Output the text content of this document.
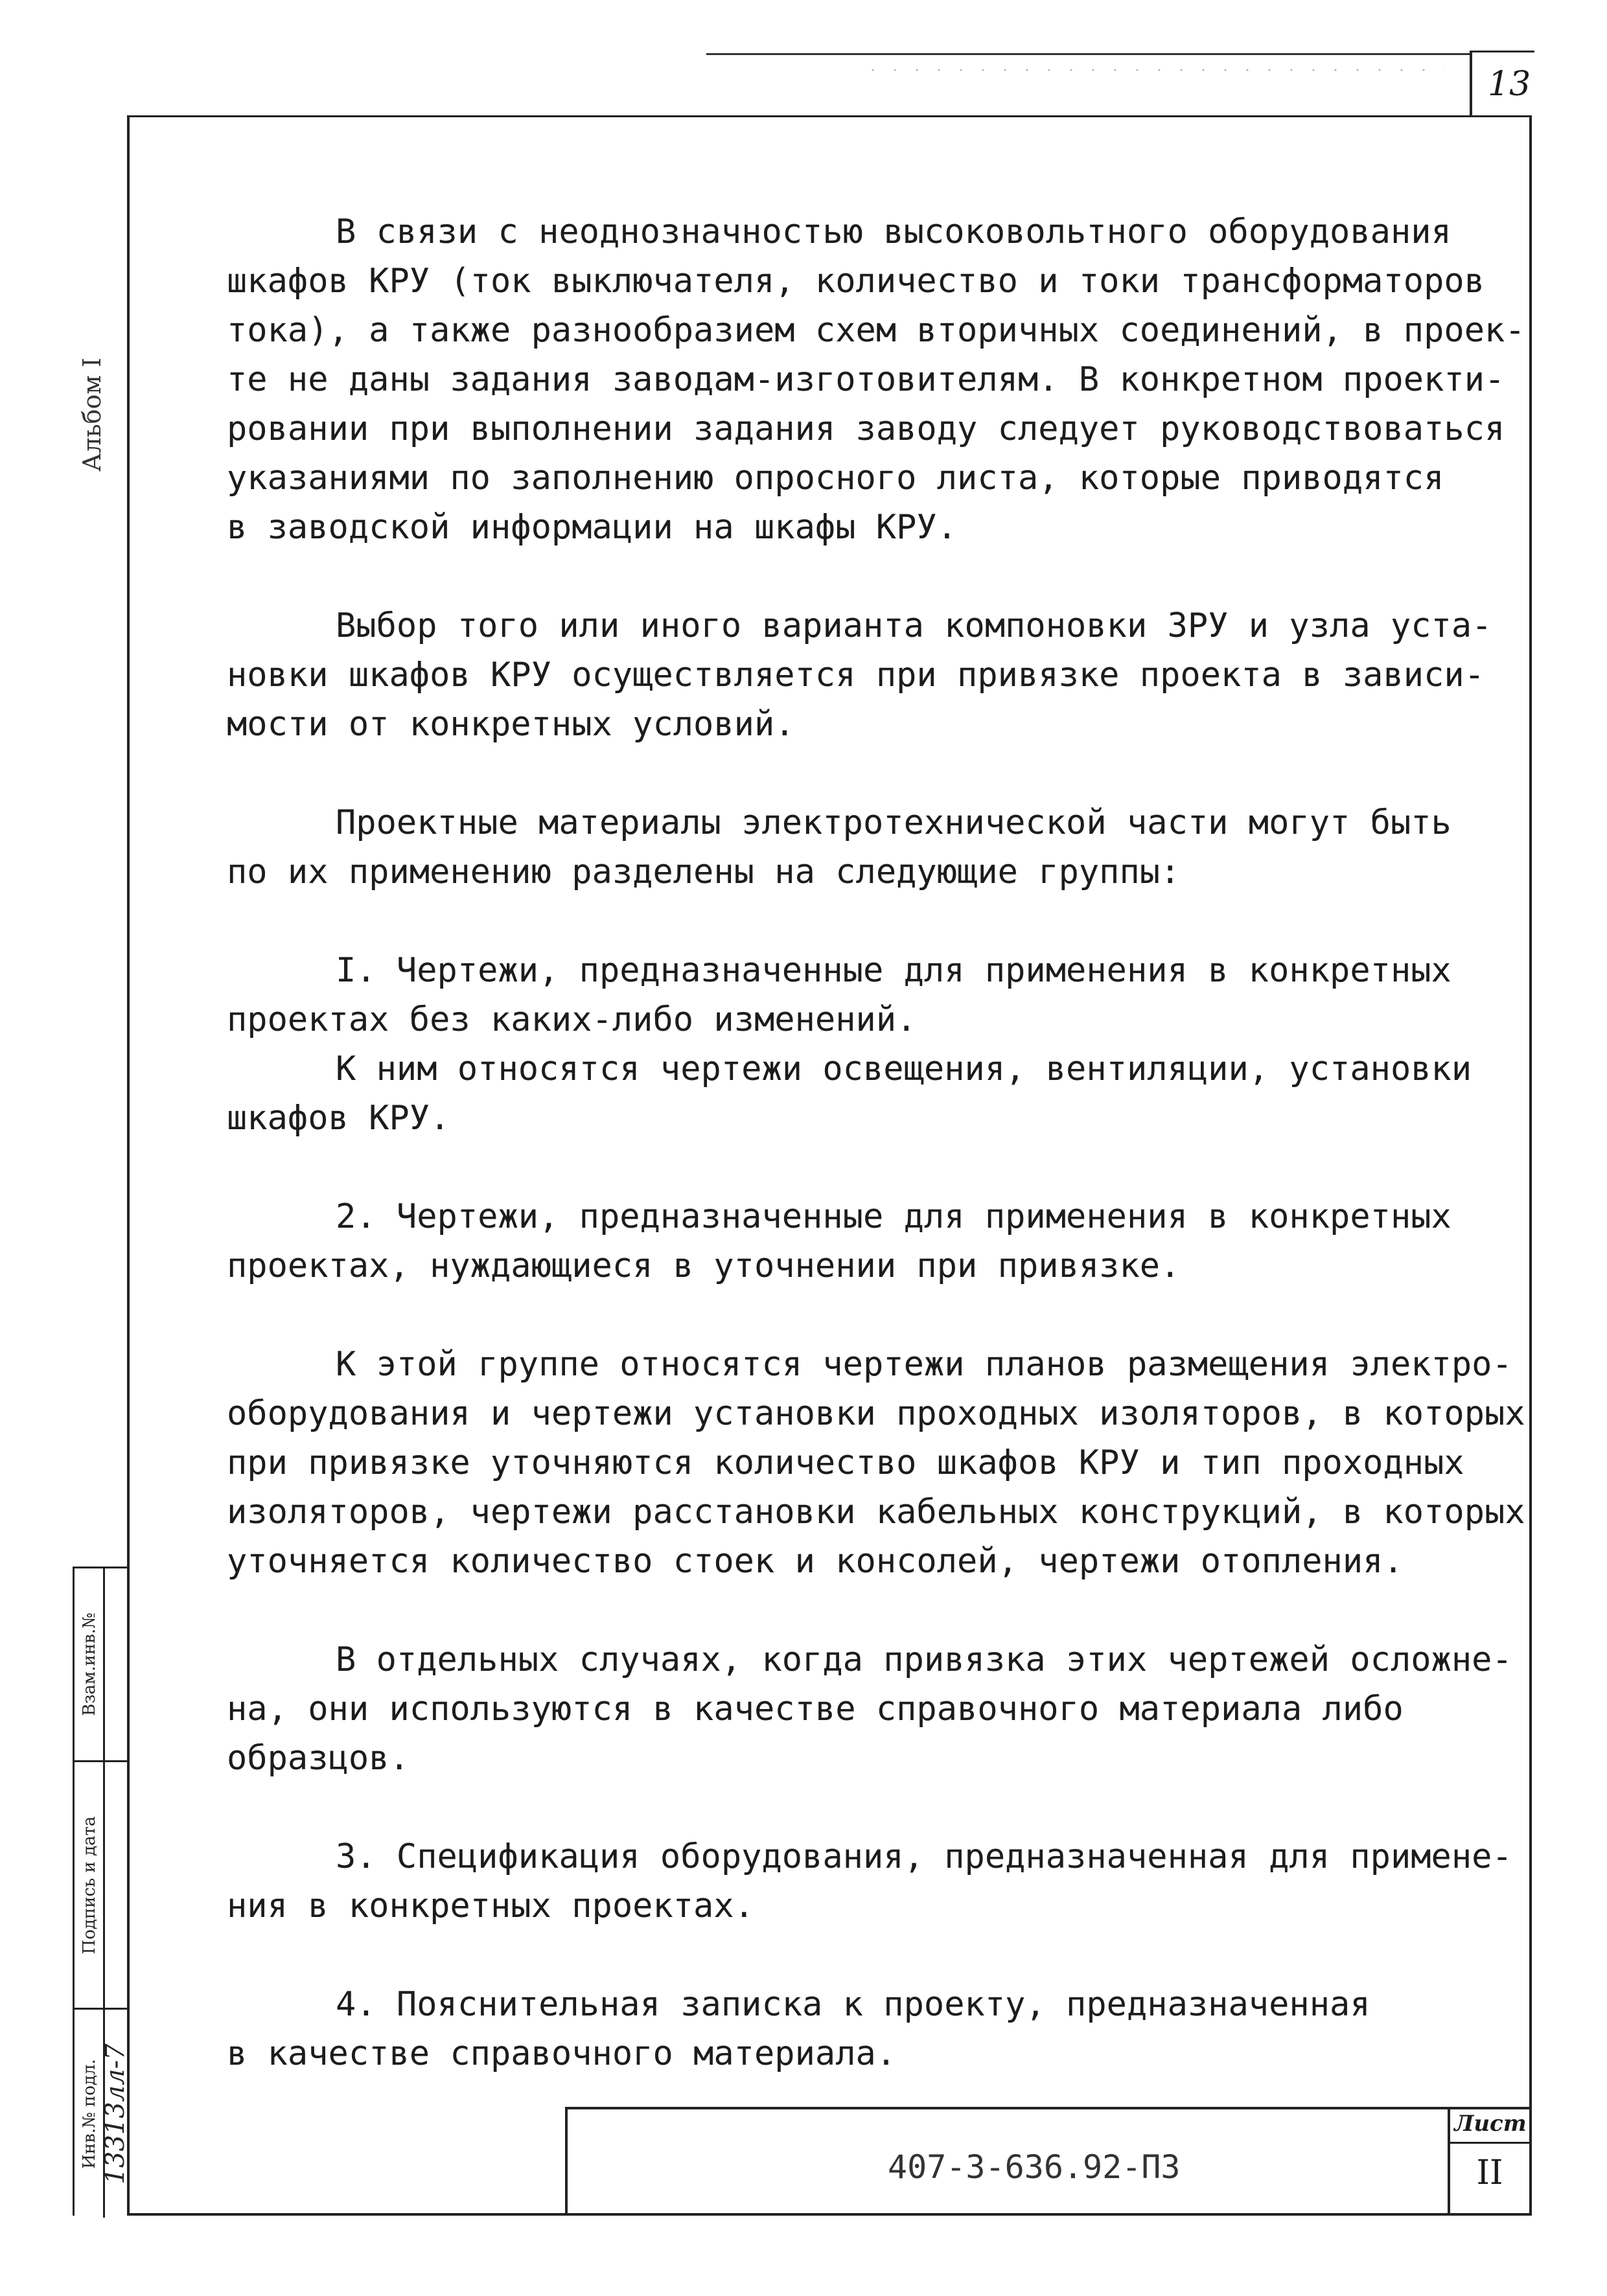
13
Альбом I
Взам.инв.№
Подпись и дата
Инв.№ подл. 13313лл-7

В связи с неоднозначностью высоковольтного оборудования

шкафов КРУ (ток выключателя, количество и токи трансформаторов

тока), а также разнообразием схем вторичных соединений, в проек-

те не даны задания заводам-изготовителям. В конкретном проекти-

ровании при выполнении задания заводу следует руководствоваться

указаниями по заполнению опросного листа, которые приводятся

в заводской информации на шкафы КРУ.

Выбор того или иного варианта компоновки ЗРУ и узла уста-

новки шкафов КРУ осуществляется при привязке проекта в зависи-

мости от конкретных условий.

Проектные материалы электротехнической части могут быть

по их применению разделены на следующие группы:

I. Чертежи, предназначенные для применения в конкретных

проектах без каких-либо изменений.

К ним относятся чертежи освещения, вентиляции, установки

шкафов КРУ.

2. Чертежи, предназначенные для применения в конкретных

проектах, нуждающиеся в уточнении при привязке.

К этой группе относятся чертежи планов размещения электро-

оборудования и чертежи установки проходных изоляторов, в которых

при привязке уточняются количество шкафов КРУ и тип проходных

изоляторов, чертежи расстановки кабельных конструкций, в которых

уточняется количество стоек и консолей, чертежи отопления.

В отдельных случаях, когда привязка этих чертежей осложне-

на, они используются в качестве справочного материала либо

образцов.

3. Спецификация оборудования, предназначенная для примене-

ния в конкретных проектах.

4. Пояснительная записка к проекту, предназначенная

в качестве справочного материала.

407-3-636.92-ПЗ
Лист
II
